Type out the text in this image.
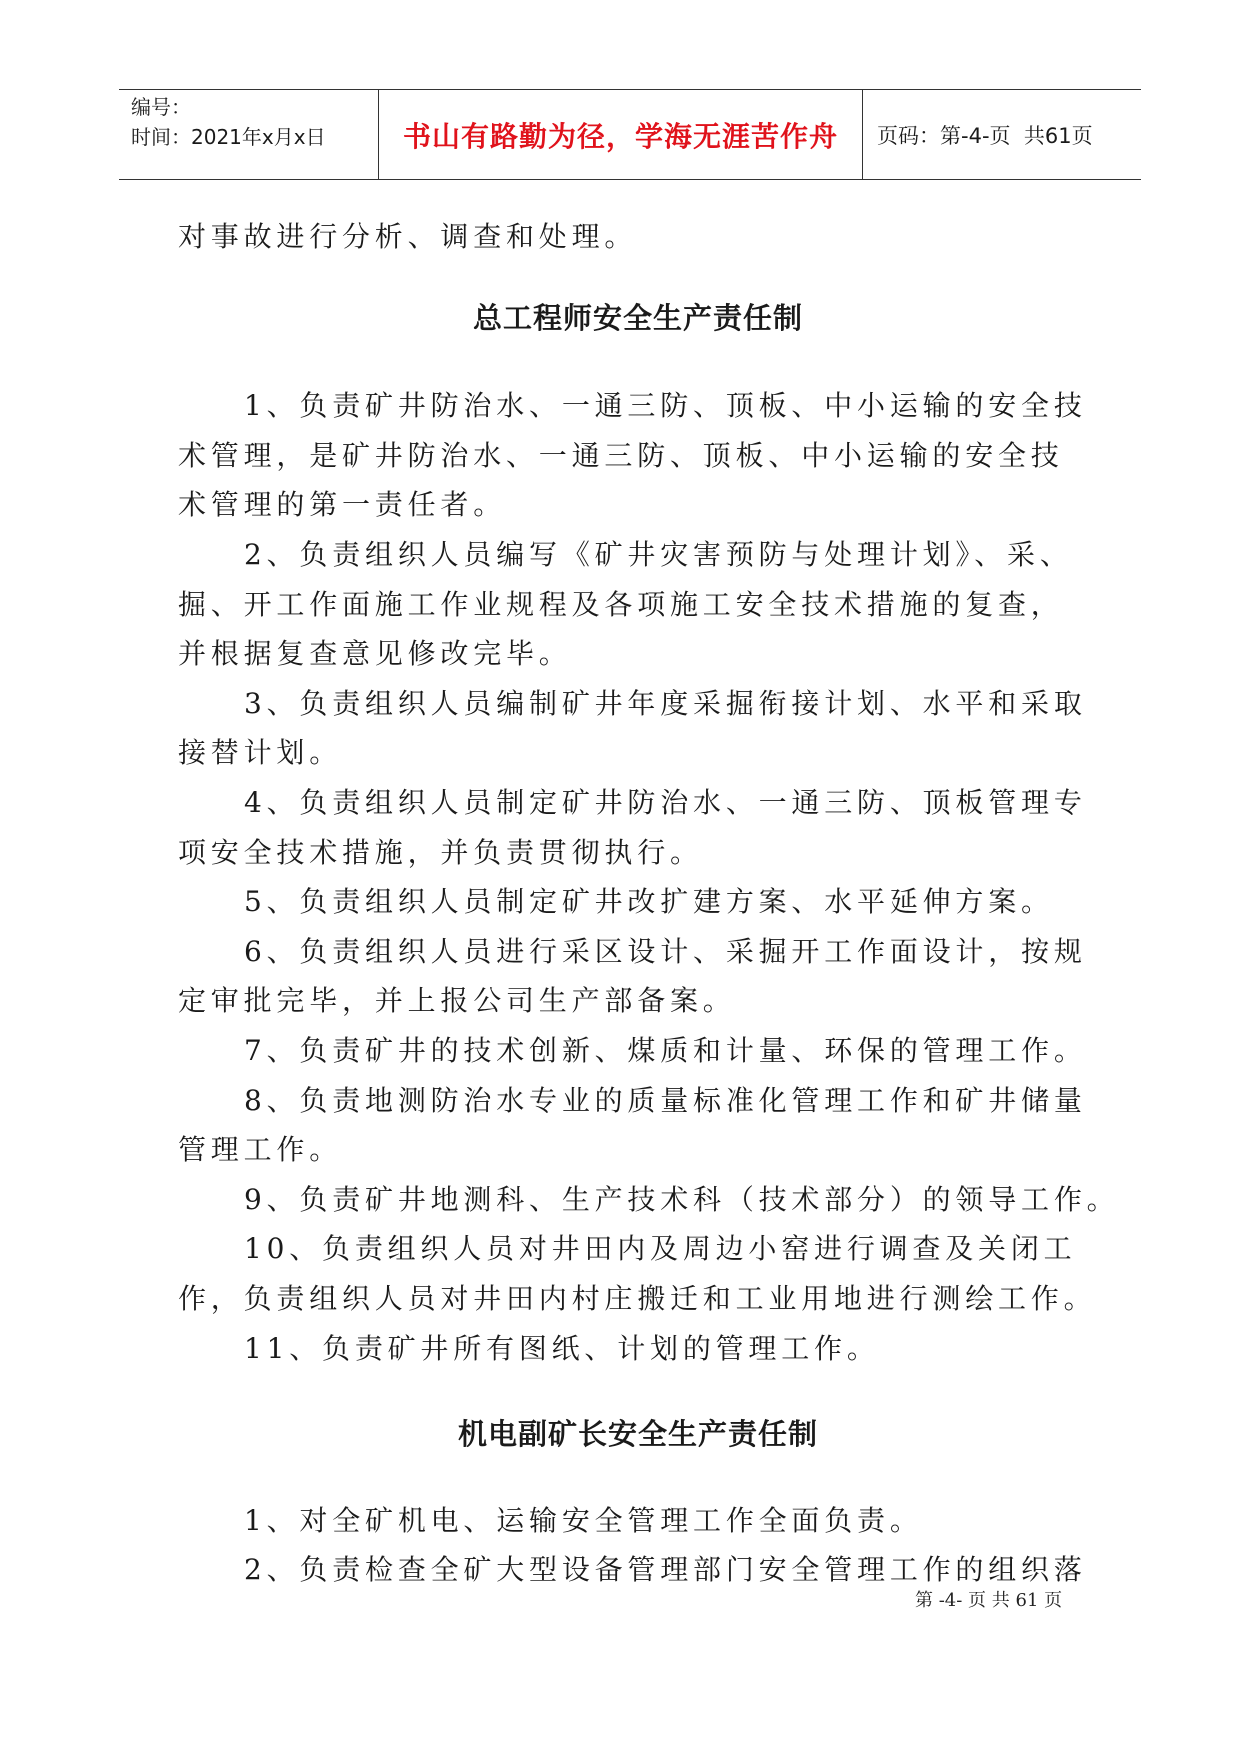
编号：
时间：2021年x月x日	书山有路勤为径，学海无涯苦作舟	页码：第-4-页  共61页
对事故进行分析、调查和处理。
总工程师安全生产责任制
1、负责矿井防治水、一通三防、顶板、中小运输的安全技
术管理，是矿井防治水、一通三防、顶板、中小运输的安全技
术管理的第一责任者。
2、负责组织人员编写《矿井灾害预防与处理计划》、采、
掘、开工作面施工作业规程及各项施工安全技术措施的复查，
并根据复查意见修改完毕。
3、负责组织人员编制矿井年度采掘衔接计划、水平和采取
接替计划。
4、负责组织人员制定矿井防治水、一通三防、顶板管理专
项安全技术措施，并负责贯彻执行。
5、负责组织人员制定矿井改扩建方案、水平延伸方案。
6、负责组织人员进行采区设计、采掘开工作面设计，按规
定审批完毕，并上报公司生产部备案。
7、负责矿井的技术创新、煤质和计量、环保的管理工作。
8、负责地测防治水专业的质量标准化管理工作和矿井储量
管理工作。
9、负责矿井地测科、生产技术科（技术部分）的领导工作。
10、负责组织人员对井田内及周边小窑进行调查及关闭工
作，负责组织人员对井田内村庄搬迁和工业用地进行测绘工作。
11、负责矿井所有图纸、计划的管理工作。
机电副矿长安全生产责任制
1、对全矿机电、运输安全管理工作全面负责。
2、负责检查全矿大型设备管理部门安全管理工作的组织落
第 -4- 页 共 61 页
